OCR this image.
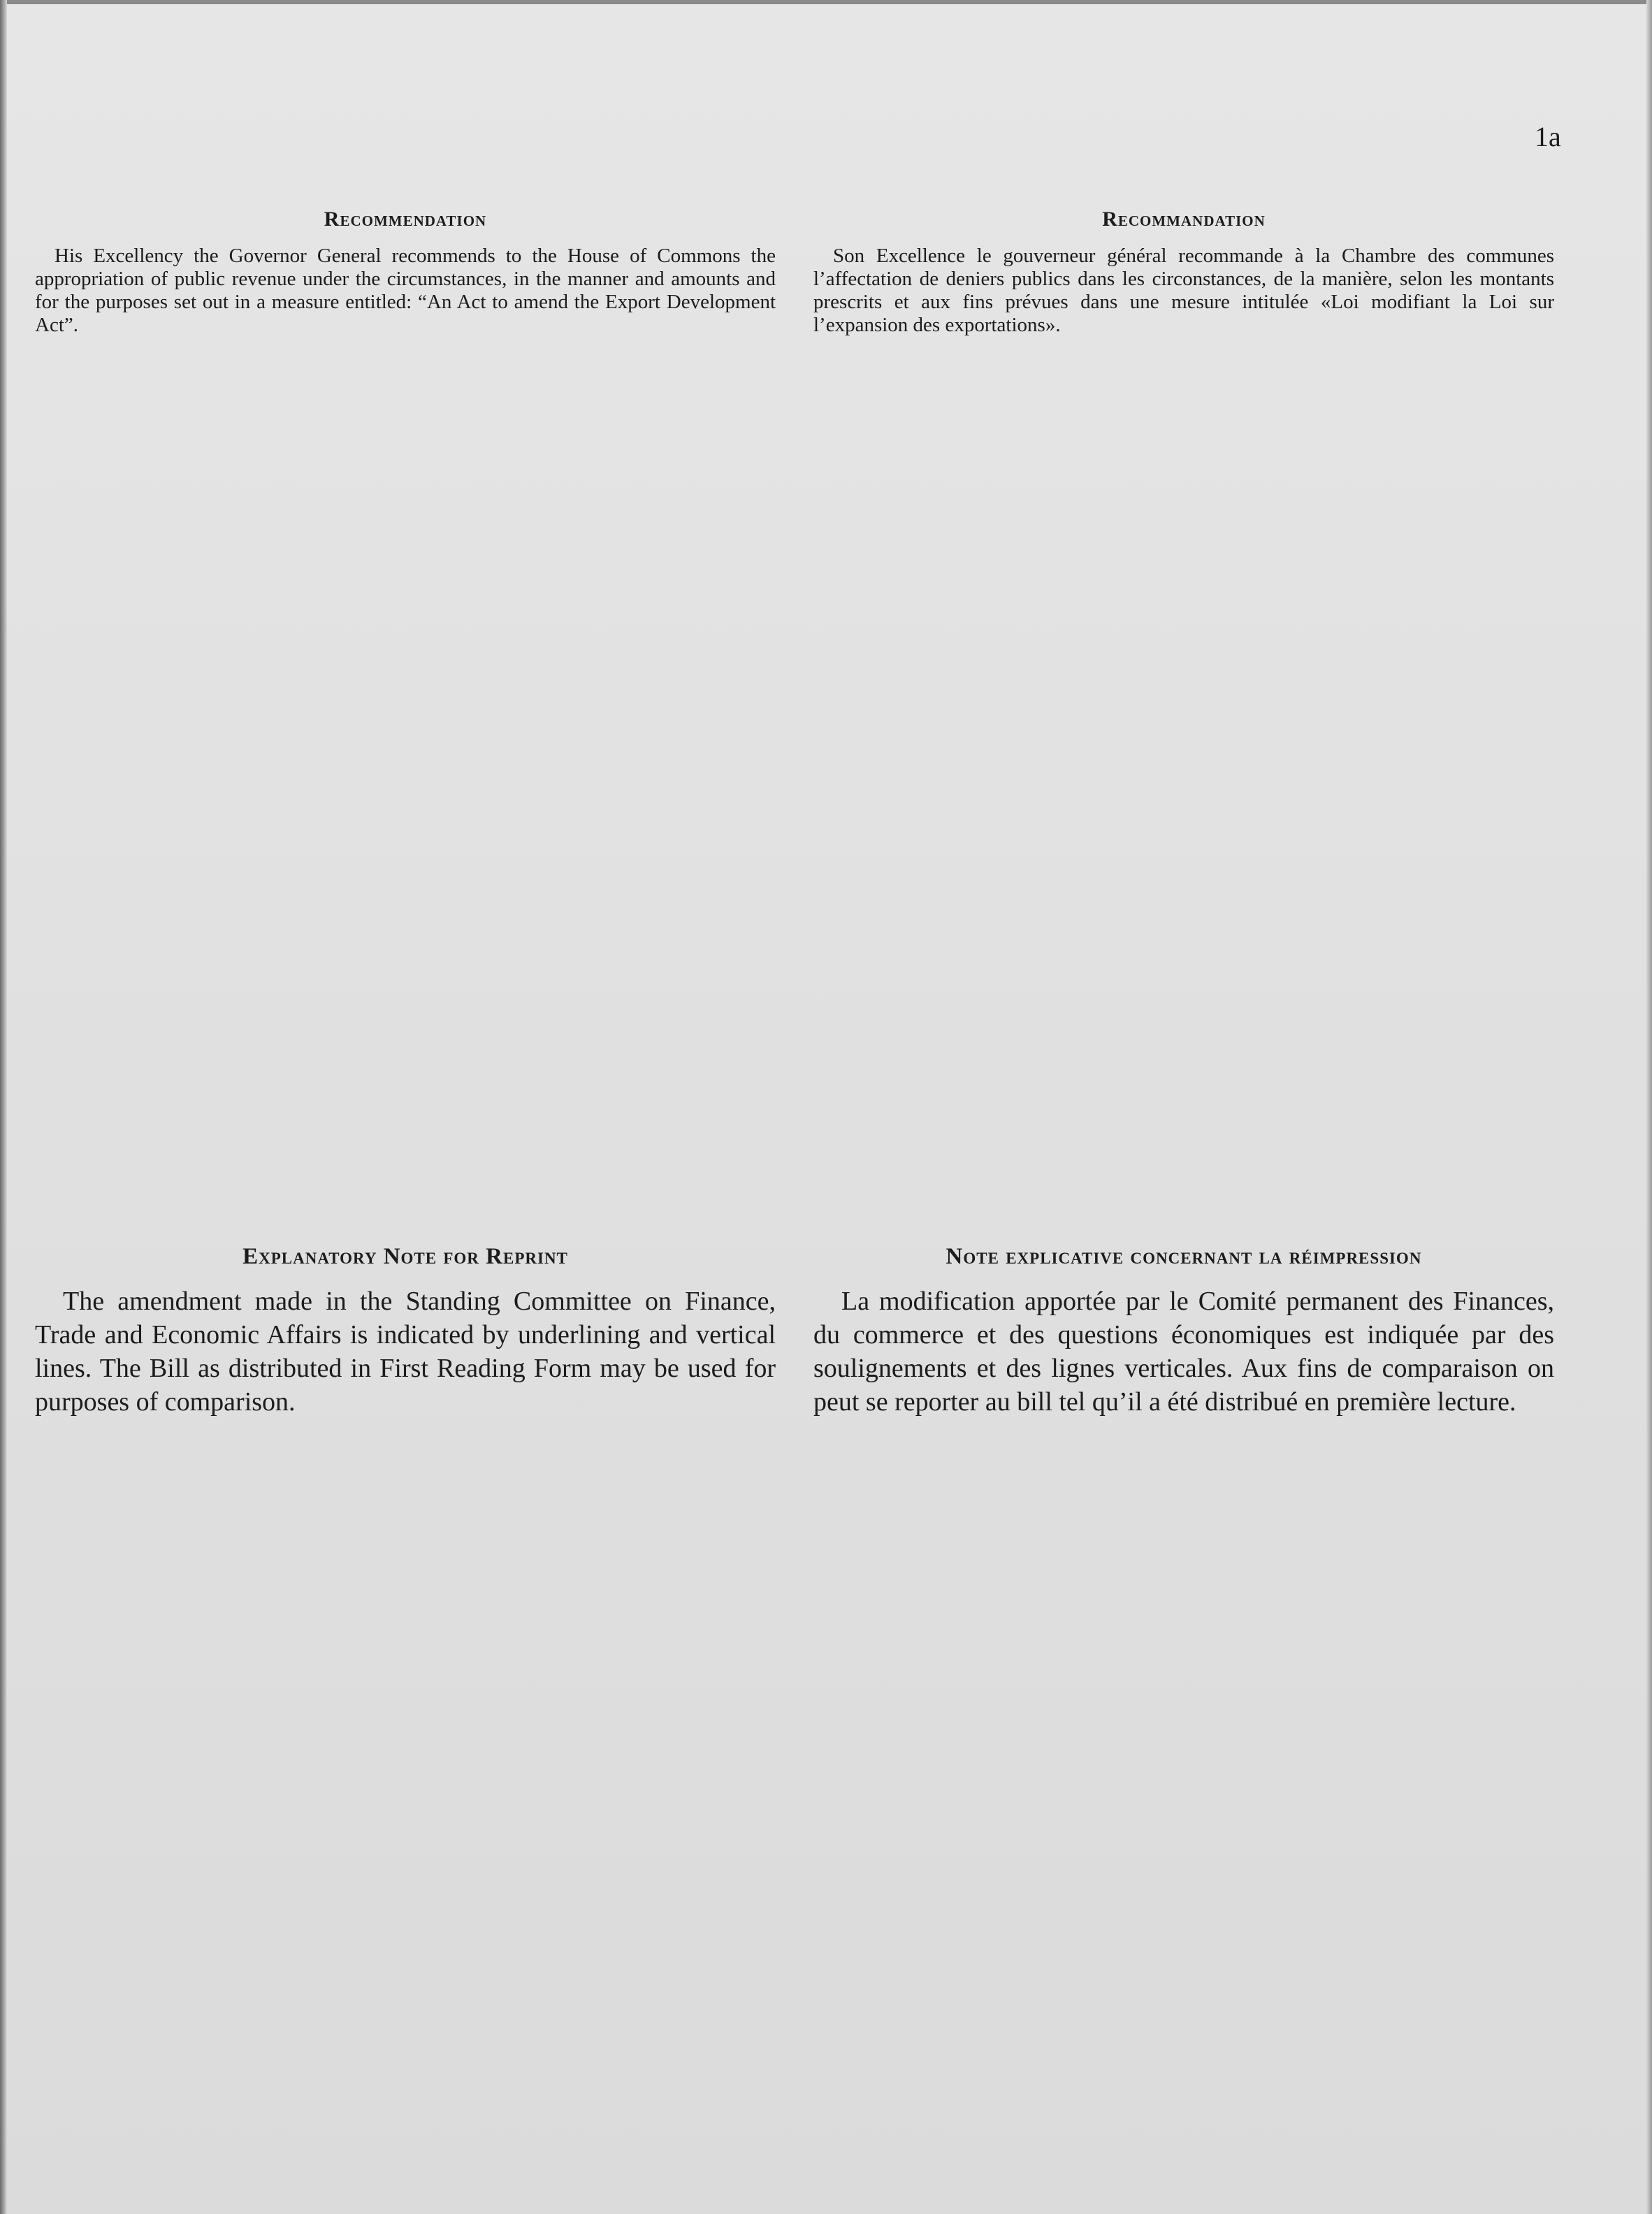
1a
Recommendation

His Excellency the Governor General recommends to the House of Commons the appropriation of public revenue under the circumstances, in the manner and amounts and for the purposes set out in a measure entitled: “An Act to amend the Export Development Act”.

Explanatory Note for Reprint

The amendment made in the Standing Committee on Finance, Trade and Economic Affairs is indicated by underlining and vertical lines. The Bill as distributed in First Reading Form may be used for purposes of comparison.

Recommandation

Son Excellence le gouverneur général recommande à la Chambre des communes l’affectation de deniers publics dans les circonstances, de la manière, selon les montants prescrits et aux fins prévues dans une mesure intitulée «Loi modifiant la Loi sur l’expansion des exportations».

Note explicative concernant la réimpression

La modification apportée par le Comité permanent des Finances, du commerce et des questions économiques est indiquée par des soulignements et des lignes verticales. Aux fins de comparaison on peut se reporter au bill tel qu’il a été distribué en première lecture.
